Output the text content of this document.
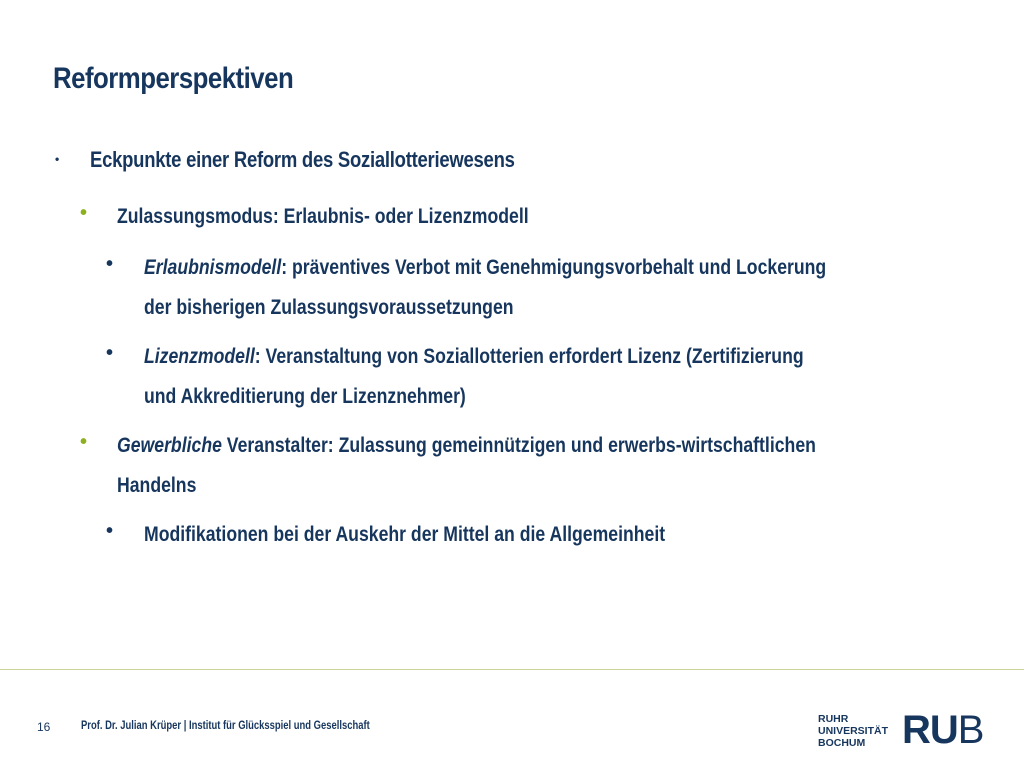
Reformperspektiven
• Eckpunkte einer Reform des Soziallotteriewesens
• Zulassungsmodus: Erlaubnis- oder Lizenzmodell
• Erlaubnismodell: präventives Verbot mit Genehmigungsvorbehalt und Lockerung
der bisherigen Zulassungsvoraussetzungen
• Lizenzmodell: Veranstaltung von Soziallotterien erfordert Lizenz (Zertifizierung
und Akkreditierung der Lizenznehmer)
• Gewerbliche Veranstalter: Zulassung gemeinnützigen und erwerbs-wirtschaftlichen
Handelns
• Modifikationen bei der Auskehr der Mittel an die Allgemeinheit
16	Prof. Dr. Julian Krüper | Institut für Glücksspiel und Gesellschaft
RUHR
UNIVERSITÄT
BOCHUM RUB
